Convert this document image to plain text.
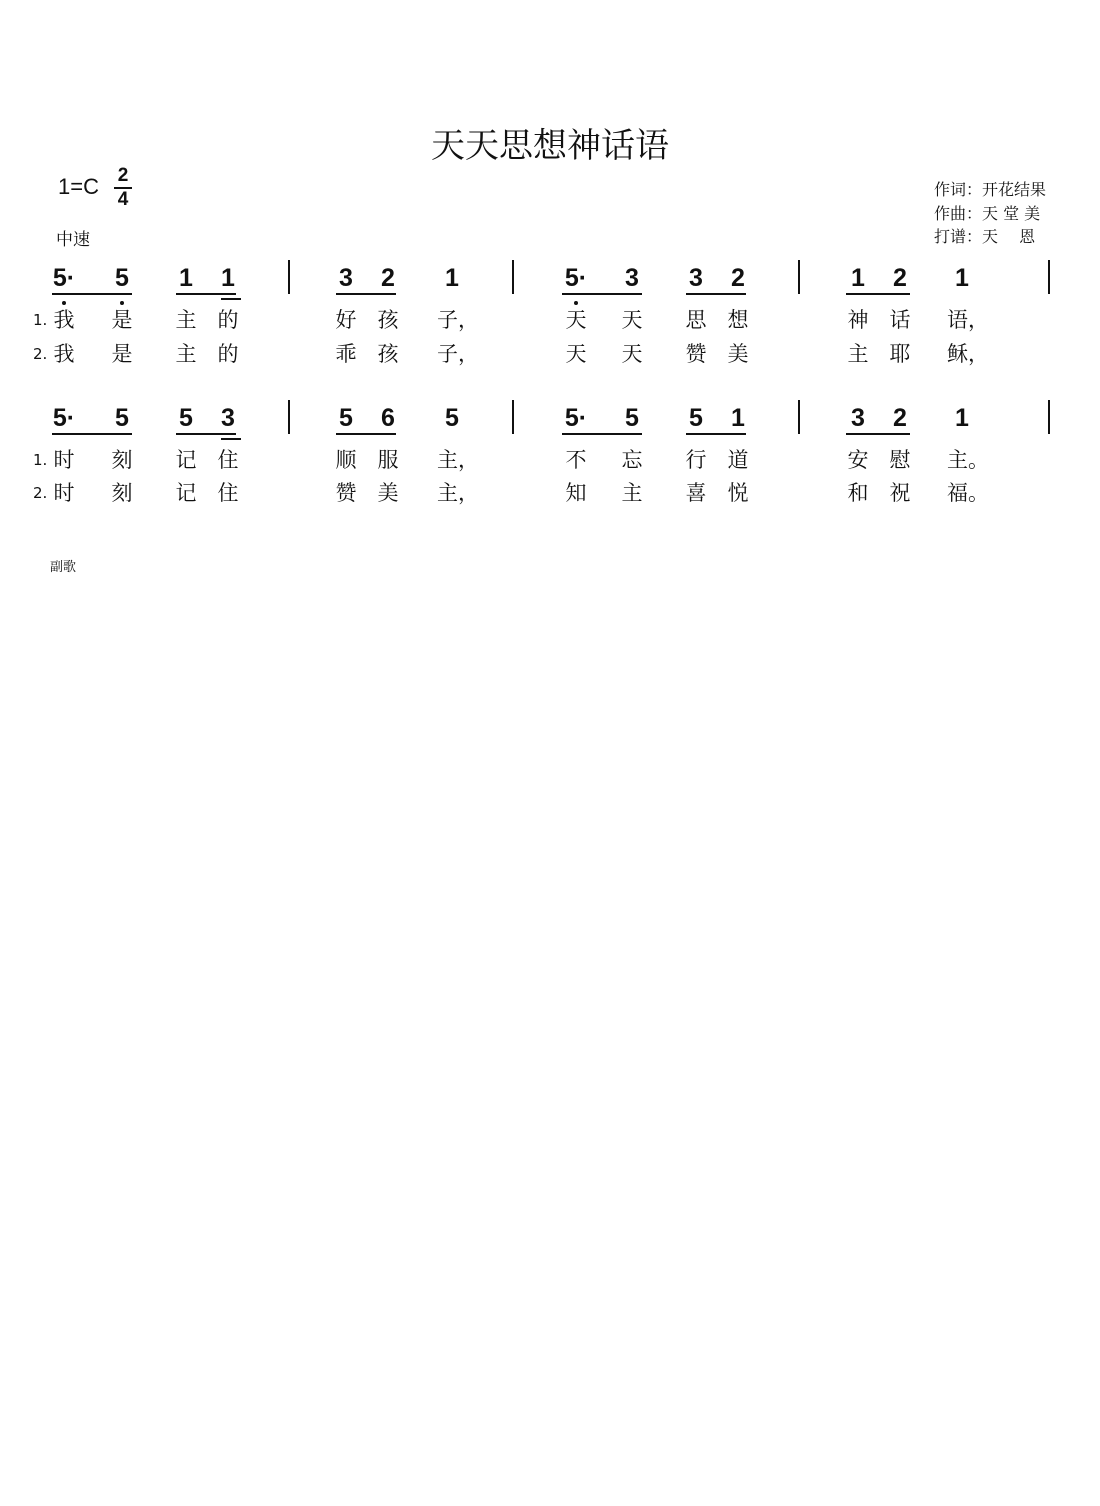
天天思想神话语
1=C 2
4
中速
作词：开花结果
作曲：天 堂 美
打谱：天　 恩
副歌
5· 5 1 1	3 2 1	5· 3 3 2	1 2 1
我 是 主 的	好 孩 子，	天 天 思 想	神 话 语，
1.
我 是 主 的	乖 孩 子，	天 天 赞 美	主 耶 稣，
2.
5· 5 5 3	5 6 5	5· 5 5 1	3 2 1
时 刻 记 住	顺 服 主，	不 忘 行 道	安 慰 主。
1.
时 刻 记 住	赞 美 主，	知 主 喜 悦	和 祝 福。
2.
